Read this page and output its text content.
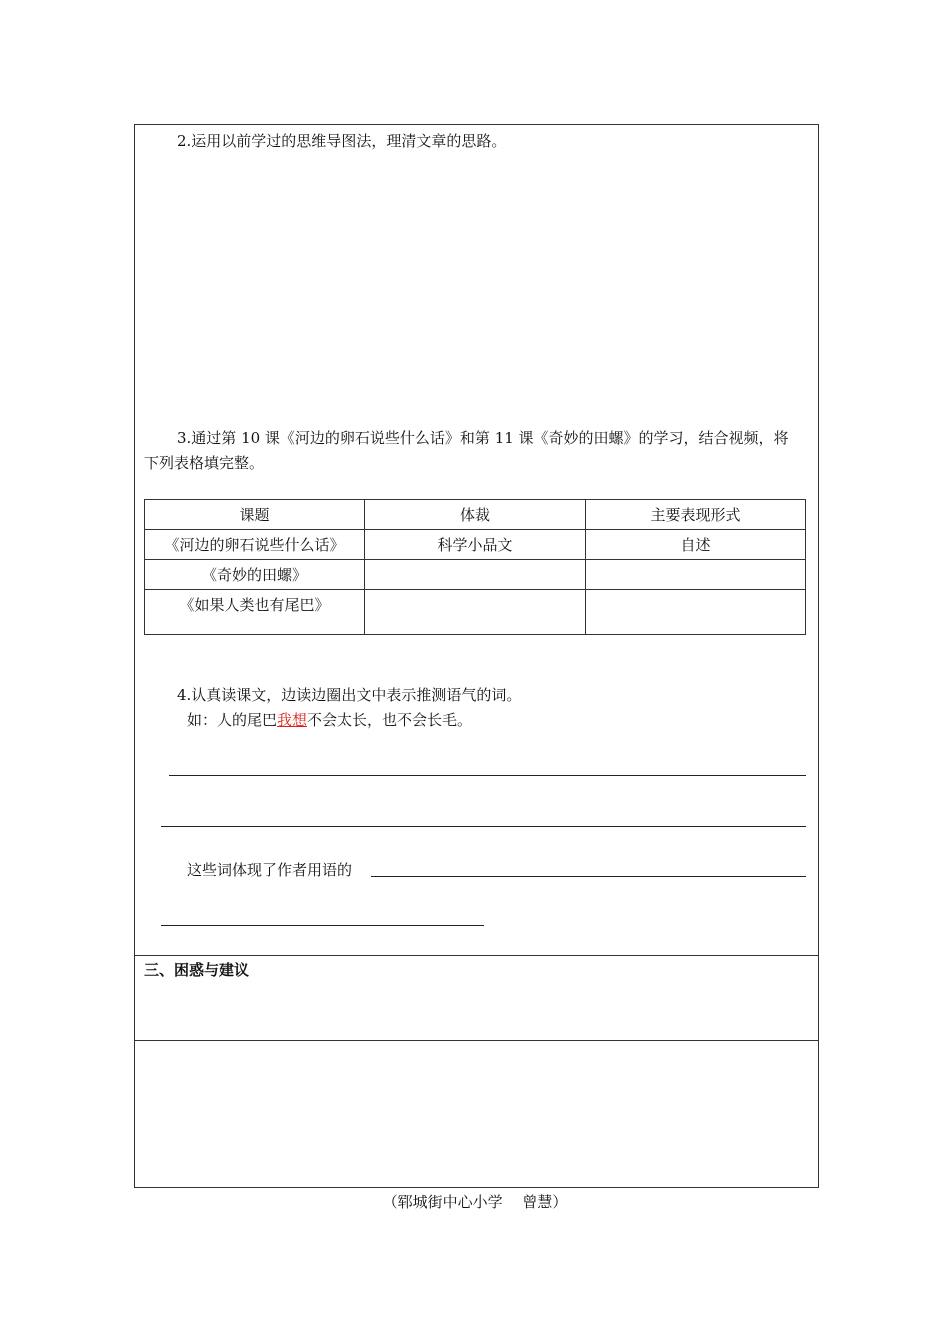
2.运用以前学过的思维导图法，理清文章的思路。
3.通过第 10 课《河边的卵石说些什么话》和第 11 课《奇妙的田螺》的学习，结合视频，将
下列表格填完整。
课题	体裁	主要表现形式
《河边的卵石说些什么话》	科学小品文	自述
《奇妙的田螺》		
《如果人类也有尾巴》		
4.认真读课文，边读边圈出文中表示推测语气的词。
如：人的尾巴我想不会太长，也不会长毛。
这些词体现了作者用语的
三、困惑与建议
（郓城街中心小学　 曾慧）
